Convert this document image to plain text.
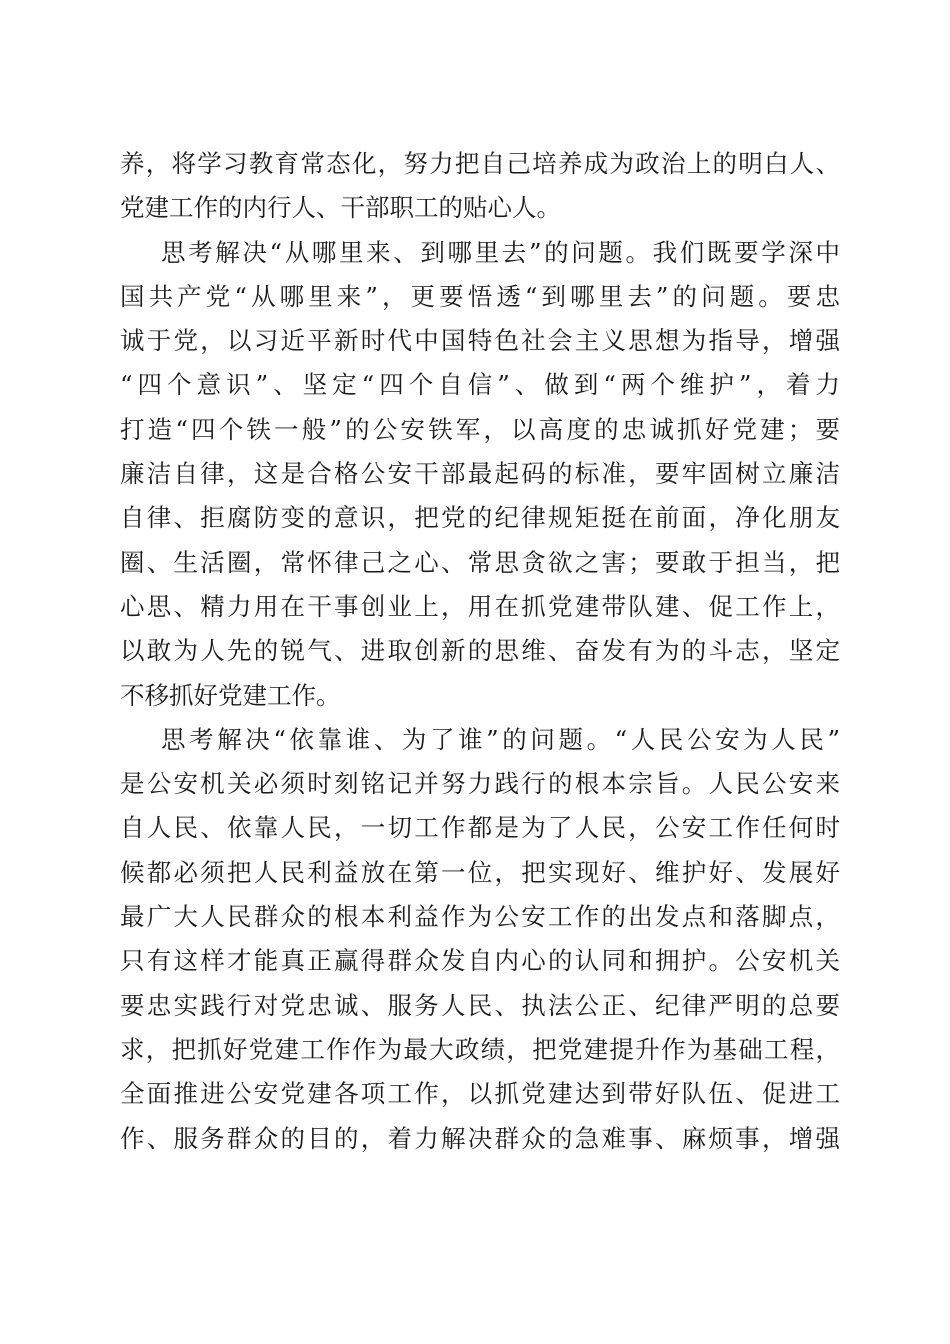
养，将学习教育常态化，努力把自己培养成为政治上的明白人、
党建工作的内行人、干部职工的贴心人。
思考解决“从哪里来、到哪里去”的问题。我们既要学深中
国共产党“从哪里来”，更要悟透“到哪里去”的问题。要忠
诚于党，以习近平新时代中国特色社会主义思想为指导，增强
“四个意识”、坚定“四个自信”、做到“两个维护”，着力
打造“四个铁一般”的公安铁军，以高度的忠诚抓好党建；要
廉洁自律，这是合格公安干部最起码的标准，要牢固树立廉洁
自律、拒腐防变的意识，把党的纪律规矩挺在前面，净化朋友
圈、生活圈，常怀律己之心、常思贪欲之害；要敢于担当，把
心思、精力用在干事创业上，用在抓党建带队建、促工作上，
以敢为人先的锐气、进取创新的思维、奋发有为的斗志，坚定
不移抓好党建工作。
思考解决“依靠谁、为了谁”的问题。“人民公安为人民”
是公安机关必须时刻铭记并努力践行的根本宗旨。人民公安来
自人民、依靠人民，一切工作都是为了人民，公安工作任何时
候都必须把人民利益放在第一位，把实现好、维护好、发展好
最广大人民群众的根本利益作为公安工作的出发点和落脚点，
只有这样才能真正赢得群众发自内心的认同和拥护。公安机关
要忠实践行对党忠诚、服务人民、执法公正、纪律严明的总要
求，把抓好党建工作作为最大政绩，把党建提升作为基础工程，
全面推进公安党建各项工作，以抓党建达到带好队伍、促进工
作、服务群众的目的，着力解决群众的急难事、麻烦事，增强
